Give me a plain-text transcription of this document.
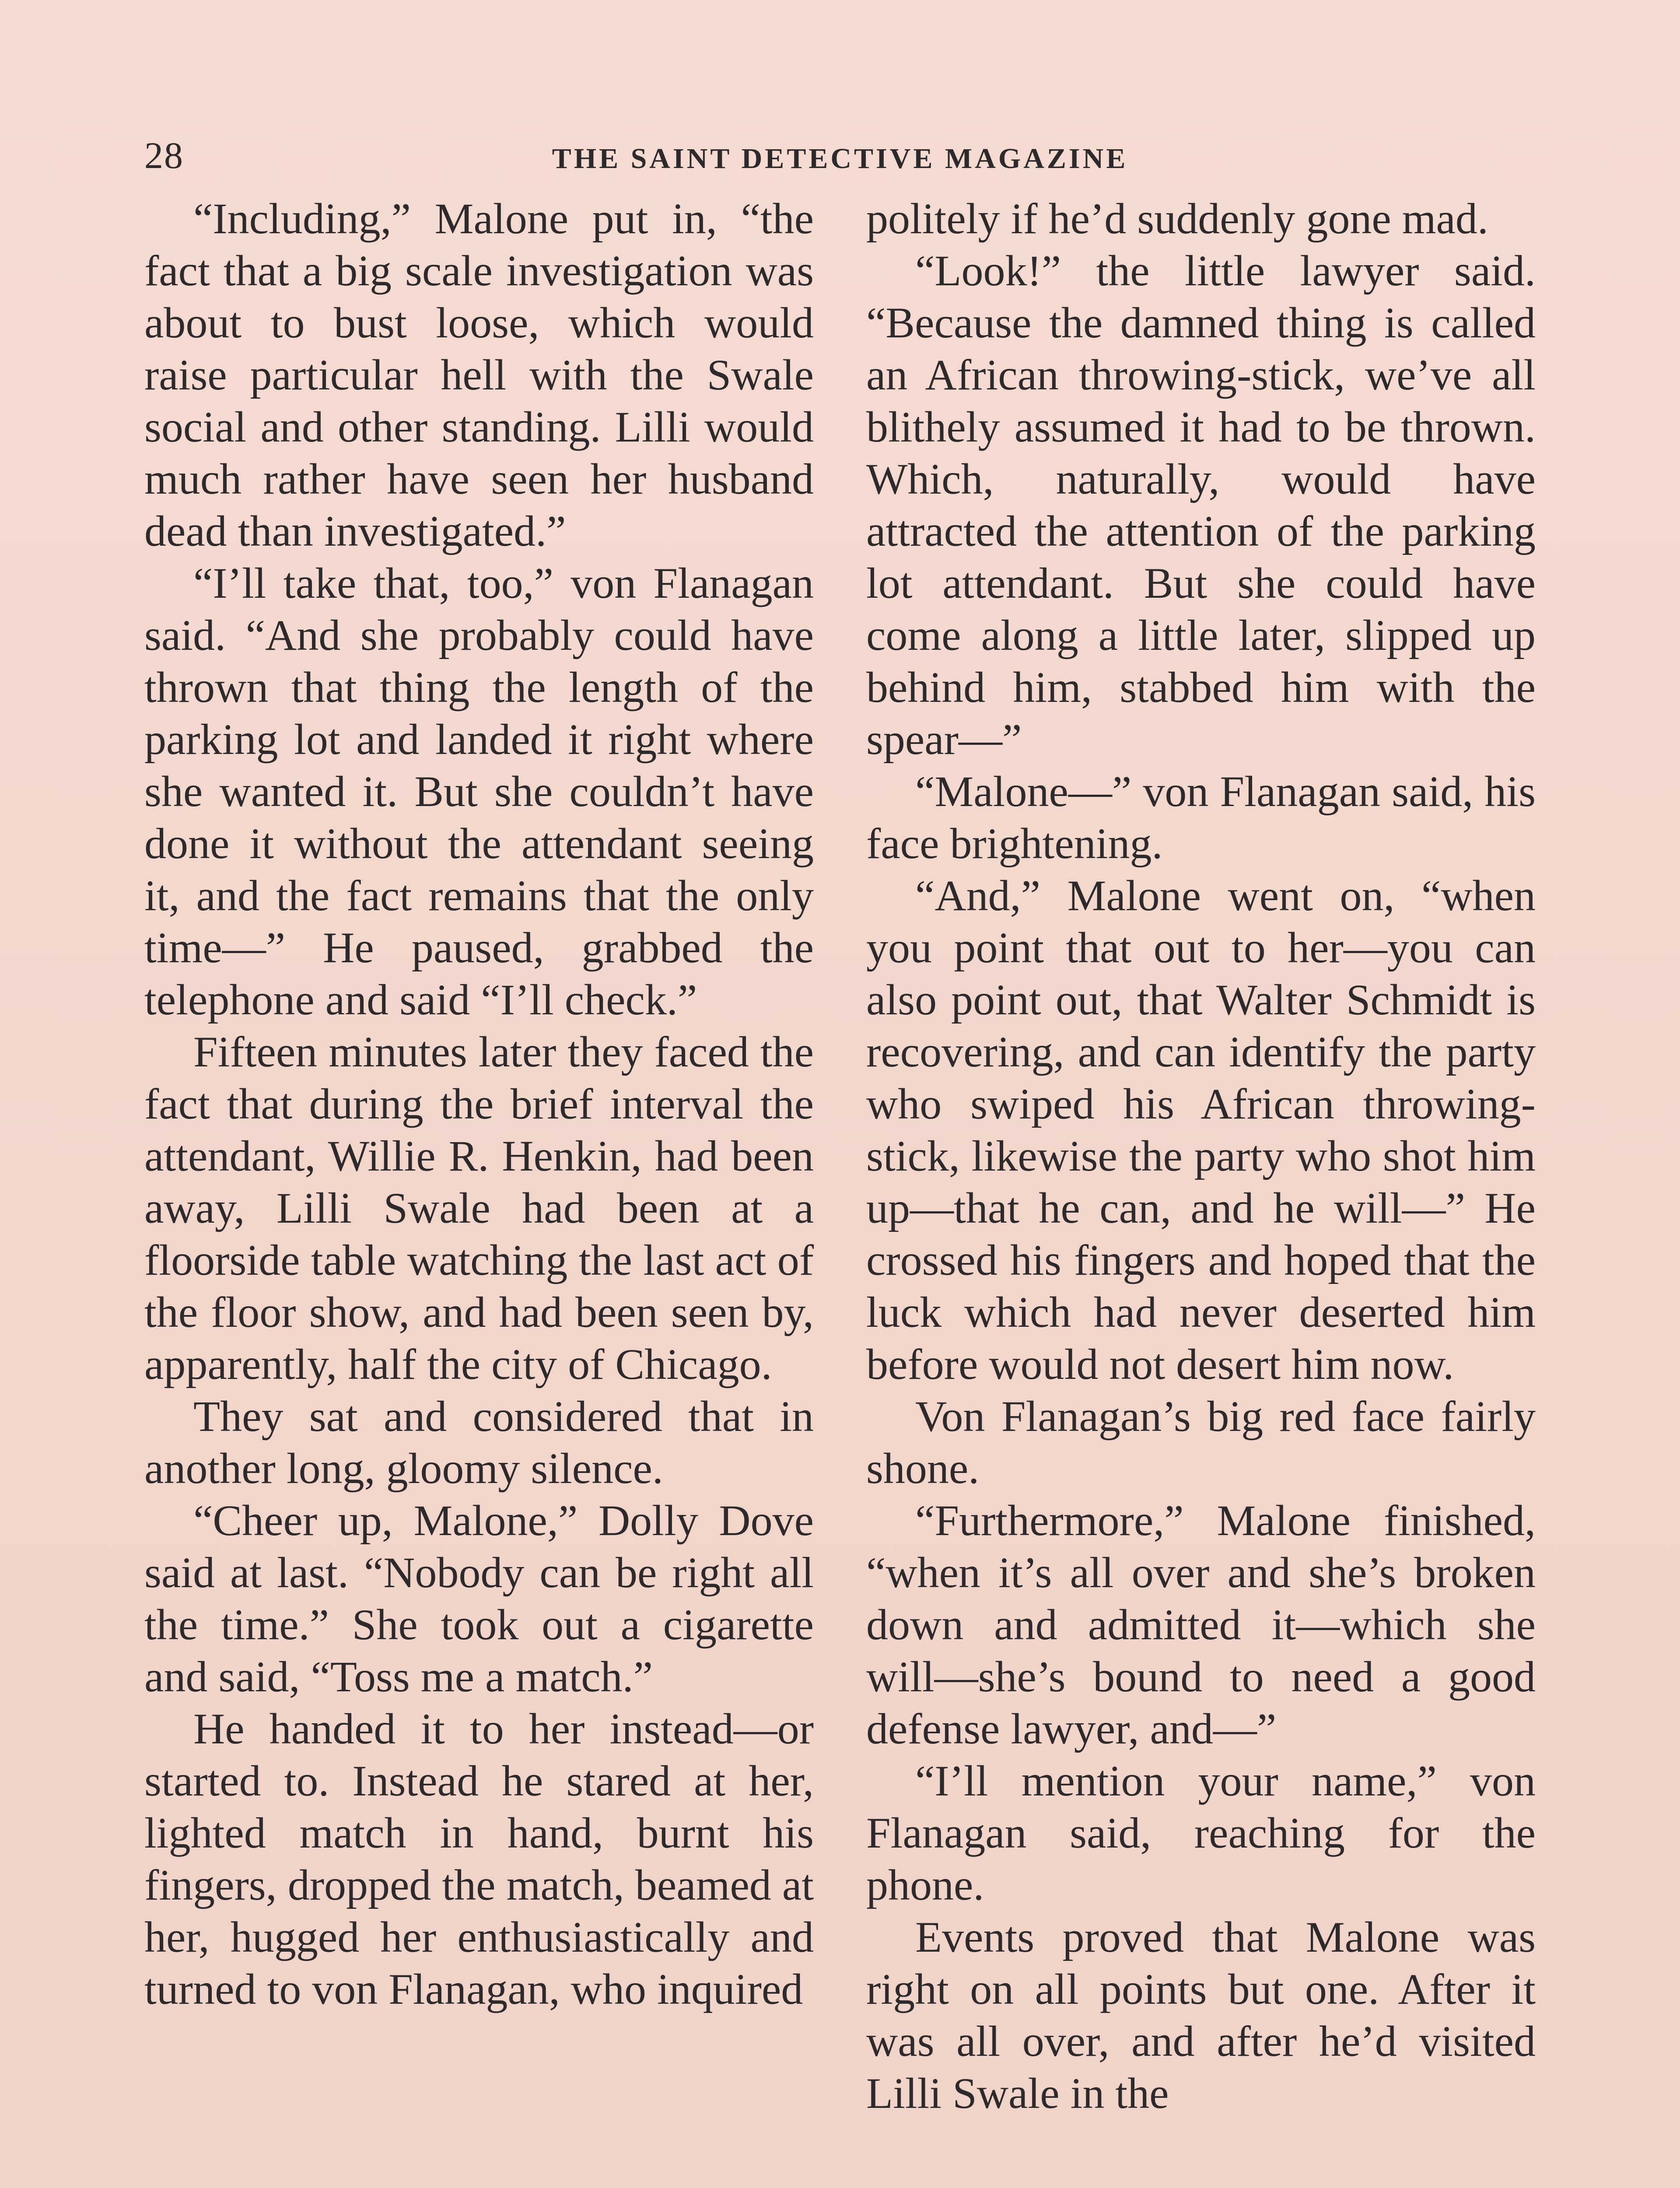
28	THE SAINT DETECTIVE MAGAZINE

“Including,” Malone put in, “the fact that a big scale investigation was about to bust loose, which would raise particular hell with the Swale social and other standing. Lilli would much rather have seen her husband dead than investigated.”

“I’ll take that, too,” von Flanagan said. “And she probably could have thrown that thing the length of the parking lot and landed it right where she wanted it. But she couldn’t have done it without the attendant seeing it, and the fact remains that the only time—” He paused, grabbed the telephone and said “I’ll check.”

Fifteen minutes later they faced the fact that during the brief interval the attendant, Willie R. Henkin, had been away, Lilli Swale had been at a floorside table watching the last act of the floor show, and had been seen by, apparently, half the city of Chicago.

They sat and considered that in another long, gloomy silence.

“Cheer up, Malone,” Dolly Dove said at last. “Nobody can be right all the time.” She took out a cigarette and said, “Toss me a match.”

He handed it to her instead—or started to. Instead he stared at her, lighted match in hand, burnt his fingers, dropped the match, beamed at her, hugged her enthusiastically and turned to von Flanagan, who inquired

politely if he’d suddenly gone mad.

“Look!” the little lawyer said. “Because the damned thing is called an African throwing-stick, we’ve all blithely assumed it had to be thrown. Which, naturally, would have attracted the attention of the parking lot attendant. But she could have come along a little later, slipped up behind him, stabbed him with the spear—”

“Malone—” von Flanagan said, his face brightening.

“And,” Malone went on, “when you point that out to her—you can also point out, that Walter Schmidt is recovering, and can identify the party who swiped his African throwing-stick, likewise the party who shot him up—that he can, and he will—” He crossed his fingers and hoped that the luck which had never deserted him before would not desert him now.

Von Flanagan’s big red face fairly shone.

“Furthermore,” Malone finished, “when it’s all over and she’s broken down and admitted it—which she will—she’s bound to need a good defense lawyer, and—”

“I’ll mention your name,” von Flanagan said, reaching for the phone.

Events proved that Malone was right on all points but one. After it was all over, and after he’d visited Lilli Swale in the
